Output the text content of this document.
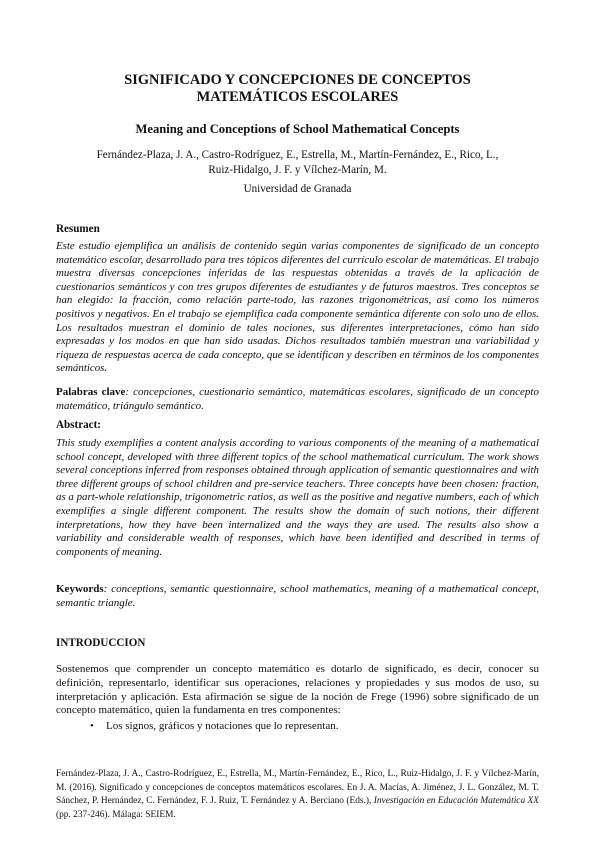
SIGNIFICADO Y CONCEPCIONES DE CONCEPTOS
MATEMÁTICOS ESCOLARES
Meaning and Conceptions of School Mathematical Concepts
Fernández-Plaza, J. A., Castro-Rodríguez, E., Estrella, M., Martín-Fernández, E., Rico, L.,
Ruiz-Hidalgo, J. F. y Vílchez-Marín, M.
Universidad de Granada
Resumen
Este estudio ejemplifica un análisis de contenido según varias componentes de significado de un concepto matemático escolar, desarrollado para tres tópicos diferentes del currículo escolar de matemáticas. El trabajo muestra diversas concepciones inferidas de las respuestas obtenidas a través de la aplicación de cuestionarios semánticos y con tres grupos diferentes de estudiantes y de futuros maestros. Tres conceptos se han elegido: la fracción, como relación parte-todo, las razones trigonométricas, así como los números positivos y negativos. En el trabajo se ejemplifica cada componente semántica diferente con solo uno de ellos. Los resultados muestran el dominio de tales nociones, sus diferentes interpretaciones, cómo han sido expresadas y los modos en que han sido usadas. Dichos resultados también muestran una variabilidad y riqueza de respuestas acerca de cada concepto, que se identifican y describen en términos de los componentes semánticos.
Palabras clave: concepciones, cuestionario semántico, matemáticas escolares, significado de un concepto matemático, triángulo semántico.
Abstract:
This study exemplifies a content analysis according to various components of the meaning of a mathematical school concept, developed with three different topics of the school mathematical curriculum. The work shows several conceptions inferred from responses obtained through application of semantic questionnaires and with three different groups of school children and pre-service teachers. Three concepts have been chosen: fraction, as a part-whole relationship, trigonometric ratios, as well as the positive and negative numbers, each of which exemplifies a single different component. The results show the domain of such notions, their different interpretations, how they have been internalized and the ways they are used. The results also show a variability and considerable wealth of responses, which have been identified and described in terms of components of meaning.
Keywords: conceptions, semantic questionnaire, school mathematics, meaning of a mathematical concept, semantic triangle.
INTRODUCCION
Sostenemos que comprender un concepto matemático es dotarlo de significado, es decir, conocer su definición, representarlo, identificar sus operaciones, relaciones y propiedades y sus modos de uso, su interpretación y aplicación. Esta afirmación se sigue de la noción de Frege (1996) sobre significado de un concepto matemático, quien la fundamenta en tres componentes:
• Los signos, gráficos y notaciones que lo representan.
Fernández-Plaza, J. A., Castro-Rodríguez, E., Estrella, M., Martín-Fernández, E., Rico, L., Ruiz-Hidalgo, J. F. y Vílchez-Marín, M. (2016). Significado y concepciones de conceptos matemáticos escolares. En J. A. Macías, A. Jiménez, J. L. González, M. T. Sánchez, P. Hernández, C. Fernández, F. J. Ruiz, T. Fernández y A. Berciano (Eds.), Investigación en Educación Matemática XX (pp. 237-246). Málaga: SEIEM.
